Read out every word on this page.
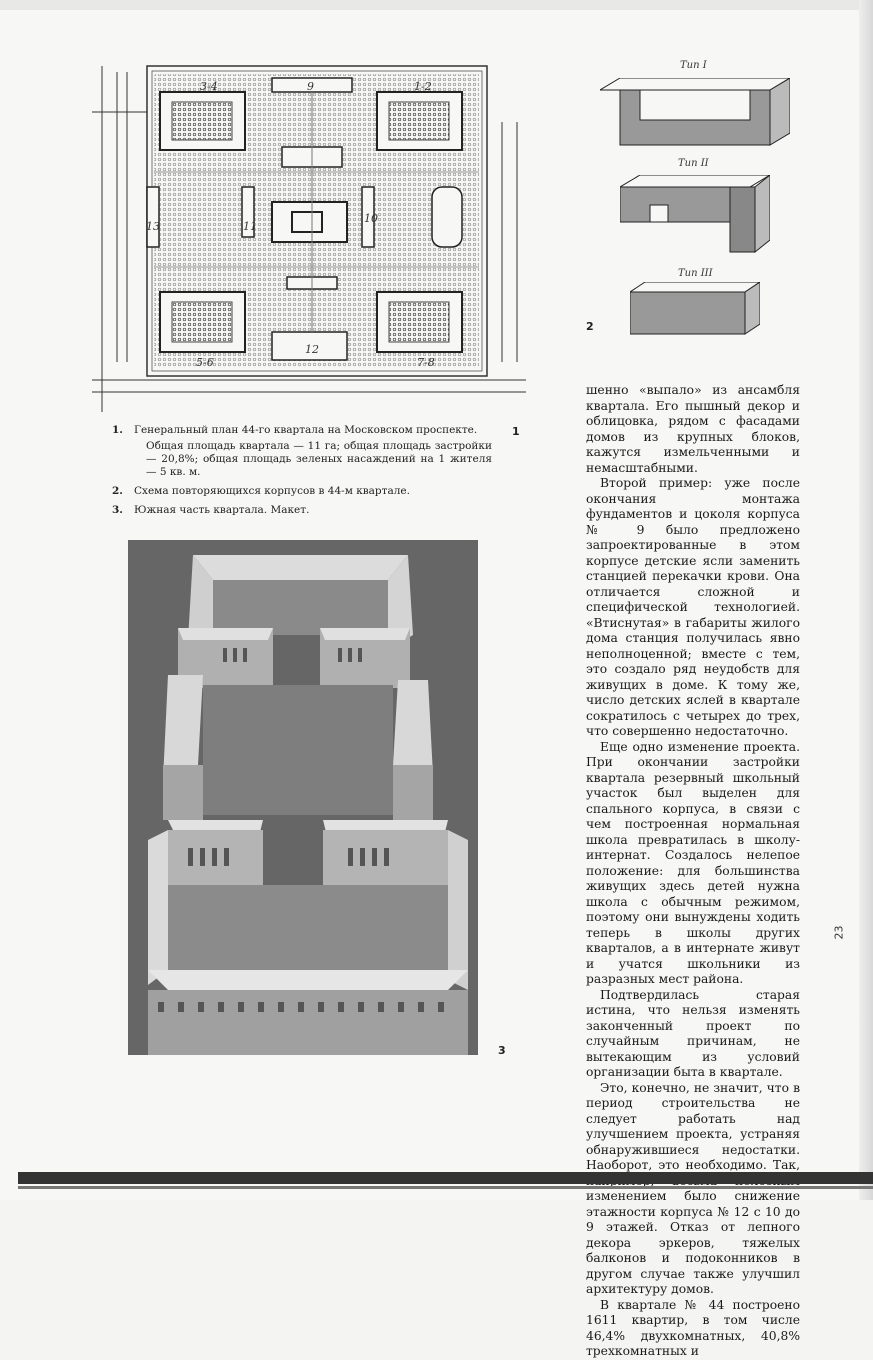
3-4	9	1-2
13	11
10
5-6
12
7-8
1
Тип I
Тип II
Тип III
2
1. Генеральный план 44-го квартала на Московском проспекте.
Общая площадь квартала — 11 га; общая площадь застройки — 20,8%; общая площадь зеленых насаждений на 1 жителя — 5 кв. м.
2. Схема повторяющихся корпусов в 44-м квартале.
3. Южная часть квартала. Макет.
3

шенно «выпало» из ансамбля квартала. Его пышный декор и облицовка, рядом с фасадами домов из крупных блоков, кажутся измельченными и немасштабными.

Второй пример: уже после окончания монтажа фундаментов и цоколя корпуса № 9 было предложено запроектированные в этом корпусе детские ясли заменить станцией перекачки крови. Она отличается сложной и специфической технологией. «Втиснутая» в габариты жилого дома станция получилась явно неполноценной; вместе с тем, это создало ряд неудобств для живущих в доме. К тому же, число детских яслей в квартале сократилось с четырех до трех, что совершенно недостаточно.

Еще одно изменение проекта. При окончании застройки квартала резервный школьный участок был выделен для спального корпуса, в связи с чем построенная нормальная школа превратилась в школу-интернат. Создалось нелепое положение: для большинства живущих здесь детей нужна школа с обычным режимом, поэтому они вынуждены ходить теперь в школы других кварталов, а в интернате живут и учатся школьники из разразных мест района.

Подтвердилась старая истина, что нельзя изменять законченный проект по случайным причинам, не вытекающим из условий организации быта в квартале.

Это, конечно, не значит, что в период строительства не следует работать над улучшением проекта, устраняя обнаружившиеся недостатки. Наоборот, это необходимо. Так, изменением было снижение этажности корпуса № 12 с 10 до 9 этажей. Отказ от лепного декора эркеров, тяжелых балконов и подоконников в другом случае также улучшил архитектуру домов.

В квартале № 44 построено 1611 квартир, в том числе 46,4% двухкомнатных, 40,8% трехкомнатных и

23
